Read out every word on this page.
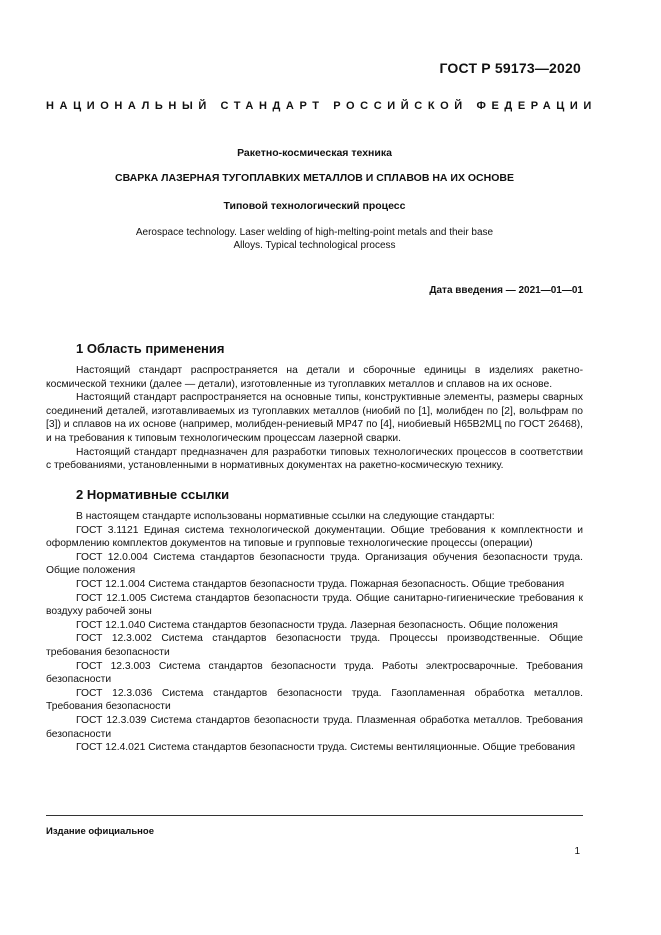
ГОСТ Р 59173—2020
НАЦИОНАЛЬНЫЙ СТАНДАРТ РОССИЙСКОЙ ФЕДЕРАЦИИ
Ракетно-космическая техника
СВАРКА ЛАЗЕРНАЯ ТУГОПЛАВКИХ МЕТАЛЛОВ И СПЛАВОВ НА ИХ ОСНОВЕ
Типовой технологический процесс
Aerospace technology. Laser welding of high-melting-point metals and their base
Alloys. Typical technological process
Дата введения — 2021—01—01
1 Область применения

Настоящий стандарт распространяется на детали и сборочные единицы в изделиях ракетно-космической техники (далее — детали), изготовленные из тугоплавких металлов и сплавов на их основе.

Настоящий стандарт распространяется на основные типы, конструктивные элементы, размеры сварных соединений деталей, изготавливаемых из тугоплавких металлов (ниобий по [1], молибден по [2], вольфрам по [3]) и сплавов на их основе (например, молибден-рениевый МР47 по [4], ниобиевый Н65В2МЦ по ГОСТ 26468), и на требования к типовым технологическим процессам лазерной сварки.

Настоящий стандарт предназначен для разработки типовых технологических процессов в соответствии с требованиями, установленными в нормативных документах на ракетно-космическую технику.

2 Нормативные ссылки

В настоящем стандарте использованы нормативные ссылки на следующие стандарты:

ГОСТ 3.1121 Единая система технологической документации. Общие требования к комплектности и оформлению комплектов документов на типовые и групповые технологические процессы (операции)

ГОСТ 12.0.004 Система стандартов безопасности труда. Организация обучения безопасности труда. Общие положения

ГОСТ 12.1.004 Система стандартов безопасности труда. Пожарная безопасность. Общие требования

ГОСТ 12.1.005 Система стандартов безопасности труда. Общие санитарно-гигиенические требования к воздуху рабочей зоны

ГОСТ 12.1.040 Система стандартов безопасности труда. Лазерная безопасность. Общие положения

ГОСТ 12.3.002 Система стандартов безопасности труда. Процессы производственные. Общие требования безопасности

ГОСТ 12.3.003 Система стандартов безопасности труда. Работы электросварочные. Требования безопасности

ГОСТ 12.3.036 Система стандартов безопасности труда. Газопламенная обработка металлов. Требования безопасности

ГОСТ 12.3.039 Система стандартов безопасности труда. Плазменная обработка металлов. Требования безопасности

ГОСТ 12.4.021 Система стандартов безопасности труда. Системы вентиляционные. Общие требования

Издание официальное
1
